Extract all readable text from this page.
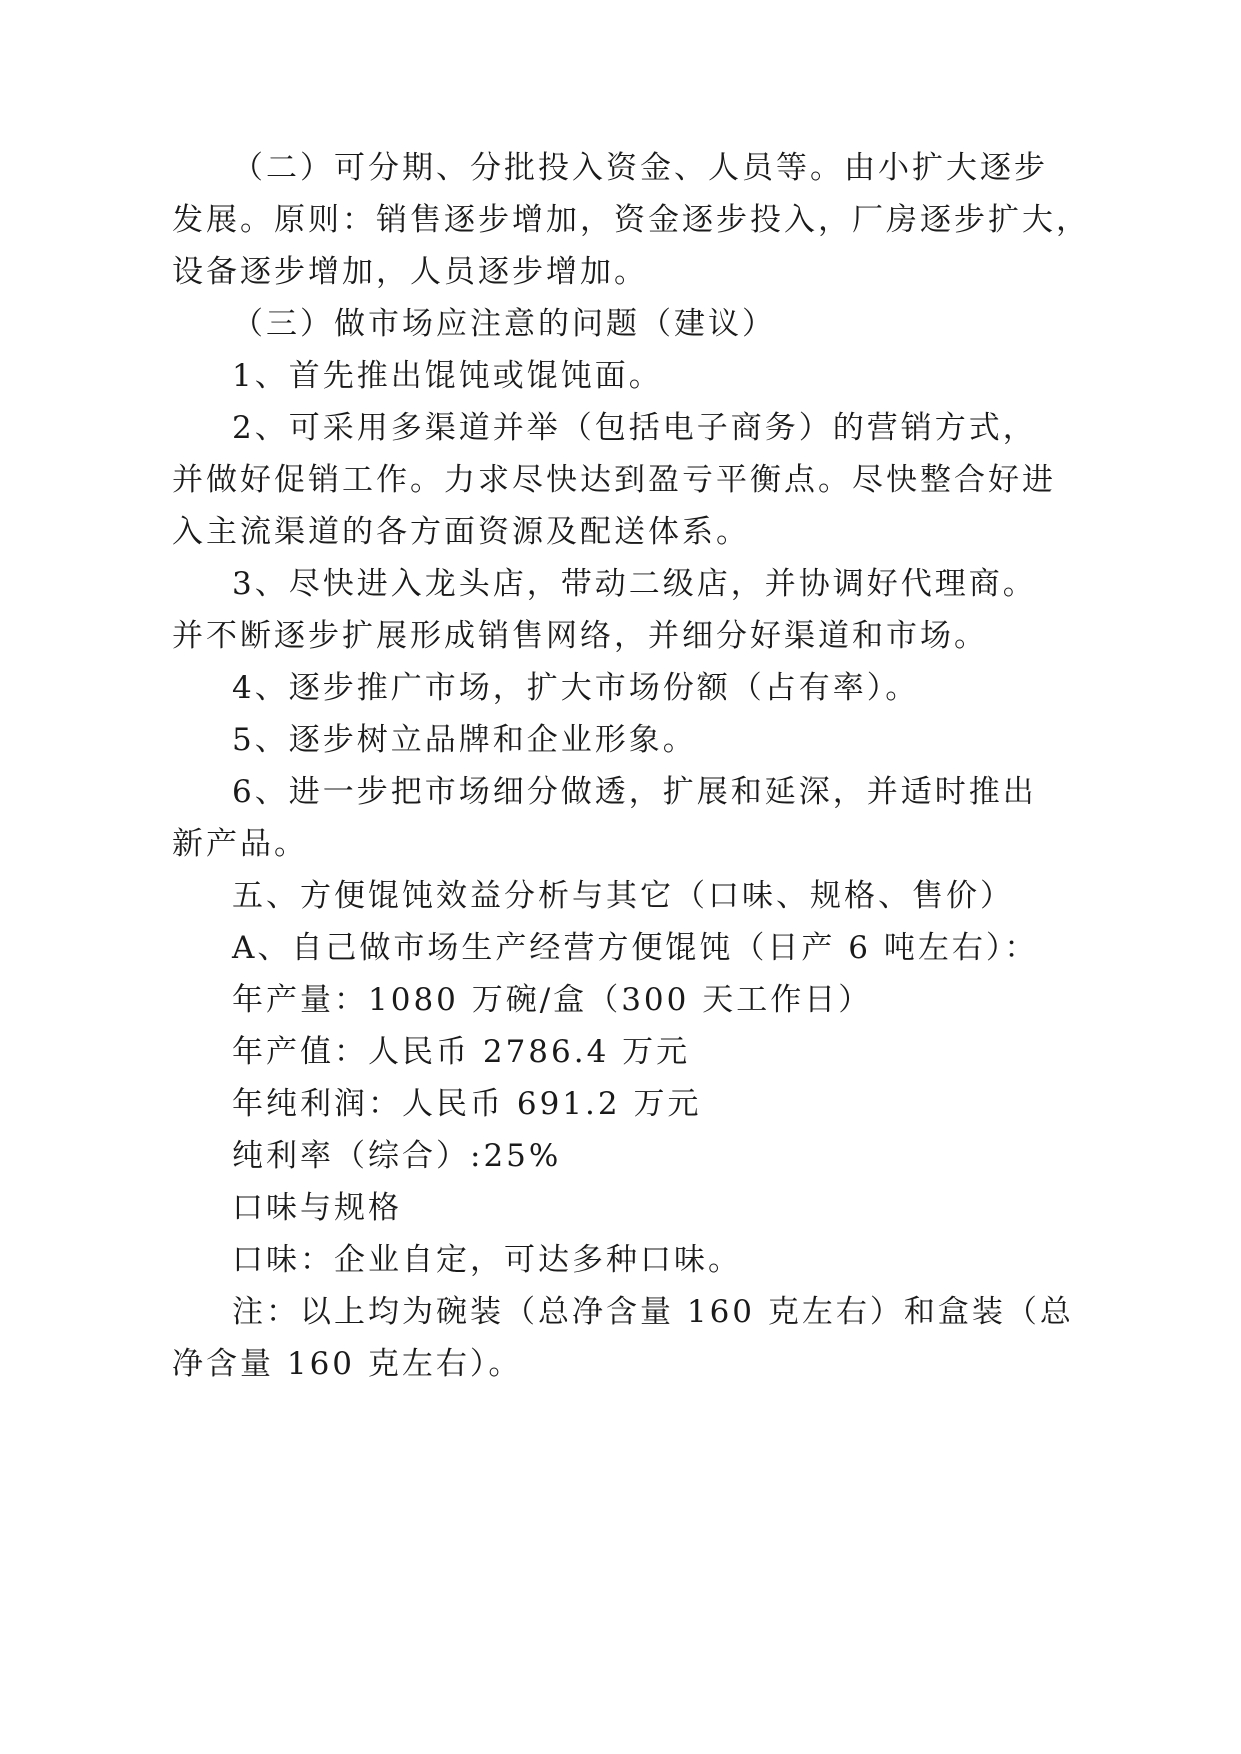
（二）可分期、分批投入资金、人员等。由小扩大逐步
发展。原则：销售逐步增加，资金逐步投入，厂房逐步扩大，
设备逐步增加，人员逐步增加。
（三）做市场应注意的问题（建议）
1、首先推出馄饨或馄饨面。
2、可采用多渠道并举（包括电子商务）的营销方式，
并做好促销工作。力求尽快达到盈亏平衡点。尽快整合好进
入主流渠道的各方面资源及配送体系。
3、尽快进入龙头店，带动二级店，并协调好代理商。
并不断逐步扩展形成销售网络，并细分好渠道和市场。
4、逐步推广市场，扩大市场份额（占有率）。
5、逐步树立品牌和企业形象。
6、进一步把市场细分做透，扩展和延深，并适时推出
新产品。
五、方便馄饨效益分析与其它（口味、规格、售价）
A、自己做市场生产经营方便馄饨（日产 6 吨左右）：
年产量：1080 万碗/盒（300 天工作日）
年产值：人民币 2786.4 万元
年纯利润：人民币 691.2 万元
纯利率（综合）:25%
口味与规格
口味：企业自定，可达多种口味。
注：以上均为碗装（总净含量 160 克左右）和盒装（总
净含量 160 克左右）。
